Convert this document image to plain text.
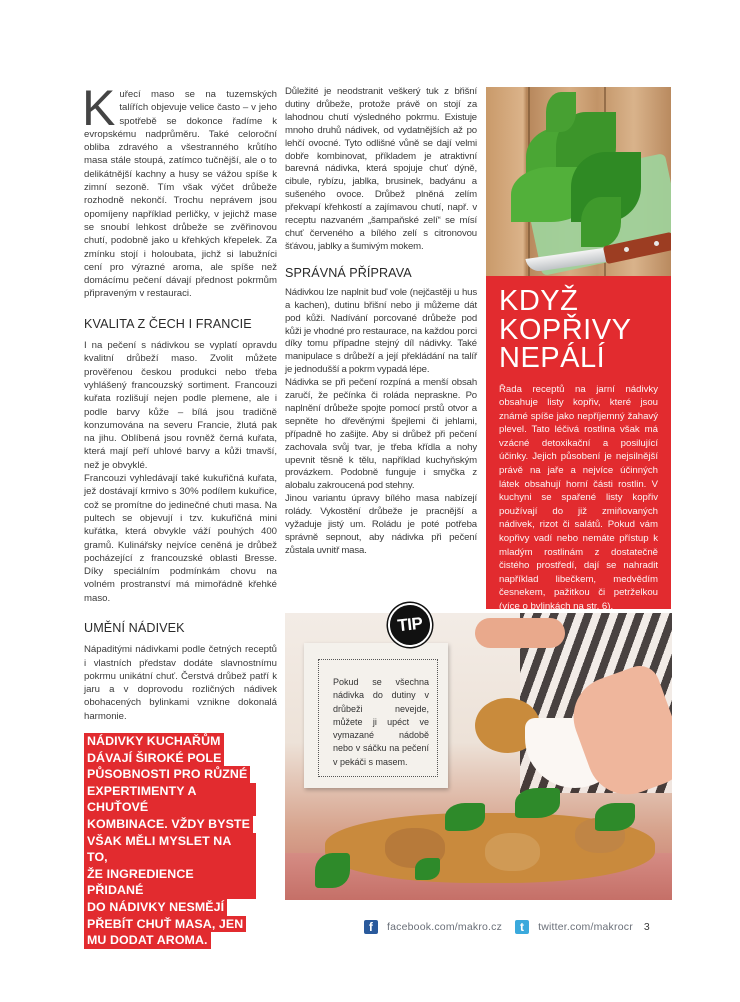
Kuřecí maso se na tuzemských talířích objevuje velice často – v jeho spotřebě se dokonce řadíme k evropskému nadprůměru. Také celoroční obliba zdravého a všestranného krůtího masa stále stoupá, zatímco tučnější, ale o to delikátnější kachny a husy se vážou spíše k zimní sezoně. Tím však výčet drůbeže rozhodně nekončí. Trochu neprávem jsou opomíjeny například perličky, v jejichž mase se snoubí lehkost drůbeže se zvěřinovou chutí, podobně jako u křehkých křepelek. Za zmínku stojí i holoubata, jichž si labužníci cení pro výrazné aroma, ale spíše než domácímu pečení dávají přednost pokrmům připraveným v restauraci.

KVALITA Z ČECH I FRANCIE

I na pečení s nádivkou se vyplatí opravdu kvalitní drůbeží maso. Zvolit můžete prověřenou českou produkci nebo třeba vyhlášený francouzský sortiment. Francouzi kuřata rozlišují nejen podle plemene, ale i podle barvy kůže – bílá jsou tradičně konzumována na severu Francie, žlutá pak na jihu. Oblíbená jsou rovněž černá kuřata, která mají peří uhlové barvy a kůži tmavší, než je obvyklé.

Francouzi vyhledávají také kukuřičná kuřata, jež dostávají krmivo s 30% podílem kukuřice, což se promítne do jedinečné chuti masa. Na pultech se objevují i tzv. kukuřičná mini kuřátka, která obvykle váží pouhých 400 gramů. Kulinářsky nejvíce ceněná je drůbež pocházející z francouzské oblasti Bresse. Díky speciálním podmínkám chovu na volném prostranství má mimořádně křehké maso.

UMĚNÍ NÁDIVEK

Nápaditými nádivkami podle četných receptů i vlastních představ dodáte slavnostnímu pokrmu unikátní chuť. Čerstvá drůbež patří k jaru a v doprovodu rozličných nádivek obohacených bylinkami vznikne dokonalá harmonie.

NÁDIVKY KUCHAŘŮM
DÁVAJÍ ŠIROKÉ POLE
PŮSOBNOSTI PRO RŮZNÉ
EXPERTIMENTY A CHUŤOVÉ
KOMBINACE. VŽDY BYSTE
VŠAK MĚLI MYSLET NA TO,
ŽE INGREDIENCE PŘIDANÉ
DO NÁDIVKY NESMĚJÍ
PŘEBÍT CHUŤ MASA, JEN
MU DODAT AROMA.

Důležité je neodstranit veškerý tuk z břišní dutiny drůbeže, protože právě on stojí za lahodnou chutí výsledného pokrmu. Existuje mnoho druhů nádivek, od vydatnějších až po lehčí ovocné. Tyto odlišné vůně se dají velmi dobře kombinovat, příkladem je atraktivní barevná nádivka, která spojuje chuť dýně, cibule, rybízu, jablka, brusinek, badyánu a sušeného ovoce. Drůbež plněná zelím překvapí křehkostí a zajímavou chutí, např. v receptu nazvaném „šampaňské zelí“ se mísí chuť červeného a bílého zelí s citronovou šťávou, jablky a šumivým mokem.

SPRÁVNÁ PŘÍPRAVA

Nádivkou lze naplnit buď vole (nejčastěji u hus a kachen), dutinu břišní nebo ji můžeme dát pod kůži. Nadívání porcované drůbeže pod kůži je vhodné pro restaurace, na každou porci díky tomu případne stejný díl nádivky. Také manipulace s drůbeží a její překládání na talíř je jednodušší a pokrm vypadá lépe.

Nádivka se při pečení rozpíná a menší obsah zaručí, že pečínka či roláda nepraskne. Po naplnění drůbeže spojte pomocí prstů otvor a sepněte ho dřevěnými špejlemi či jehlami, případně ho zašijte. Aby si drůbež při pečení zachovala svůj tvar, je třeba křídla a nohy upevnit těsně k tělu, například kuchyňským provázkem. Podobně funguje i smyčka z alobalu zakroucená pod stehny.

Jinou variantu úpravy bílého masa nabízejí rolády. Vykostění drůbeže je pracnější a vyžaduje jistý um. Roládu je poté potřeba správně sepnout, aby nádivka při pečení zůstala uvnitř masa.

KDYŽ
KOPŘIVY
NEPÁLÍ

Řada receptů na jarní nádivky obsahuje listy kopřiv, které jsou známé spíše jako nepříjemný žahavý plevel. Tato léčivá rostlina však má vzácné detoxikační a posilující účinky. Jejich působení je nejsilnější právě na jaře a nejvíce účinných látek obsahují horní části rostlin. V kuchyni se spařené listy kopřiv používají do již zmiňovaných nádivek, rizot či salátů. Pokud vám kopřivy vadí nebo nemáte přístup k mladým rostlinám z dostatečně čistého prostředí, dají se nahradit například libečkem, medvědím česnekem, pažitkou či petrželkou (více o bylinkách na str. 6).

Pokud se všechna nádivka do dutiny v drůbeži nevejde, můžete ji upéct ve vymazané nádobě nebo v sáčku na pečení v pekáči s masem.

TIP
f	facebook.com/makro.cz	t	twitter.com/makrocr 3
